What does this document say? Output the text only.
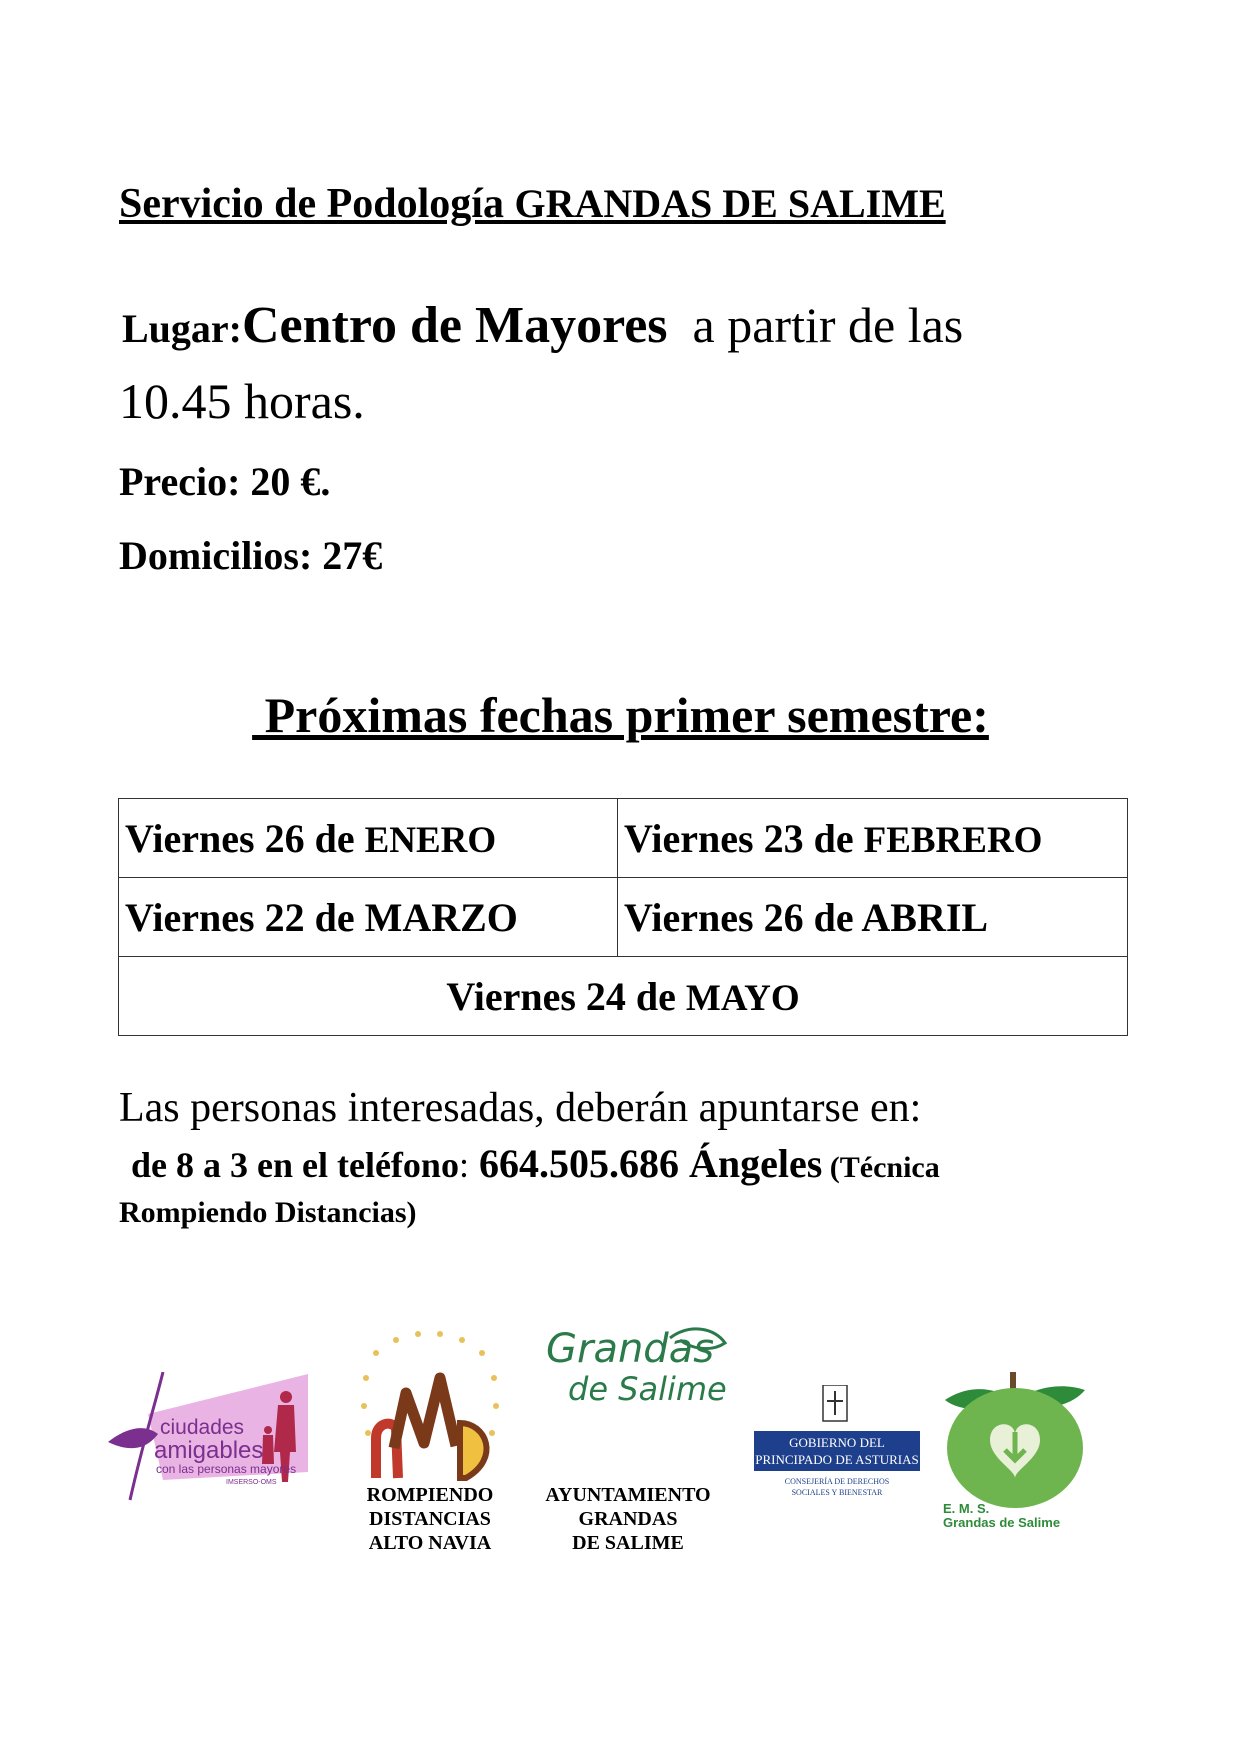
Servicio de Podología GRANDAS DE SALIME
Lugar:Centro de Mayores  a partir de las
10.45 horas.
Precio: 20 €.
Domicilios: 27€
Próximas fechas primer semestre:
Viernes 26 de ENERO	Viernes 23 de FEBRERO
Viernes 22 de MARZO	Viernes 26 de ABRIL
Viernes 24 de MAYO	
Las personas interesadas, deberán apuntarse en:
de 8 a 3 en el teléfono: 664.505.686 Ángeles (Técnica
Rompiendo Distancias)
ciudades
amigables
con las personas mayores
IMSERSO-OMS
ROMPIENDO
DISTANCIAS
ALTO NAVIA
Grandas
de Salime
AYUNTAMIENTO
GRANDAS
DE SALIME
GOBIERNO DEL
PRINCIPADO DE ASTURIAS
CONSEJERÍA DE DERECHOS
SOCIALES Y BIENESTAR
E. M. S.
Grandas de Salime
